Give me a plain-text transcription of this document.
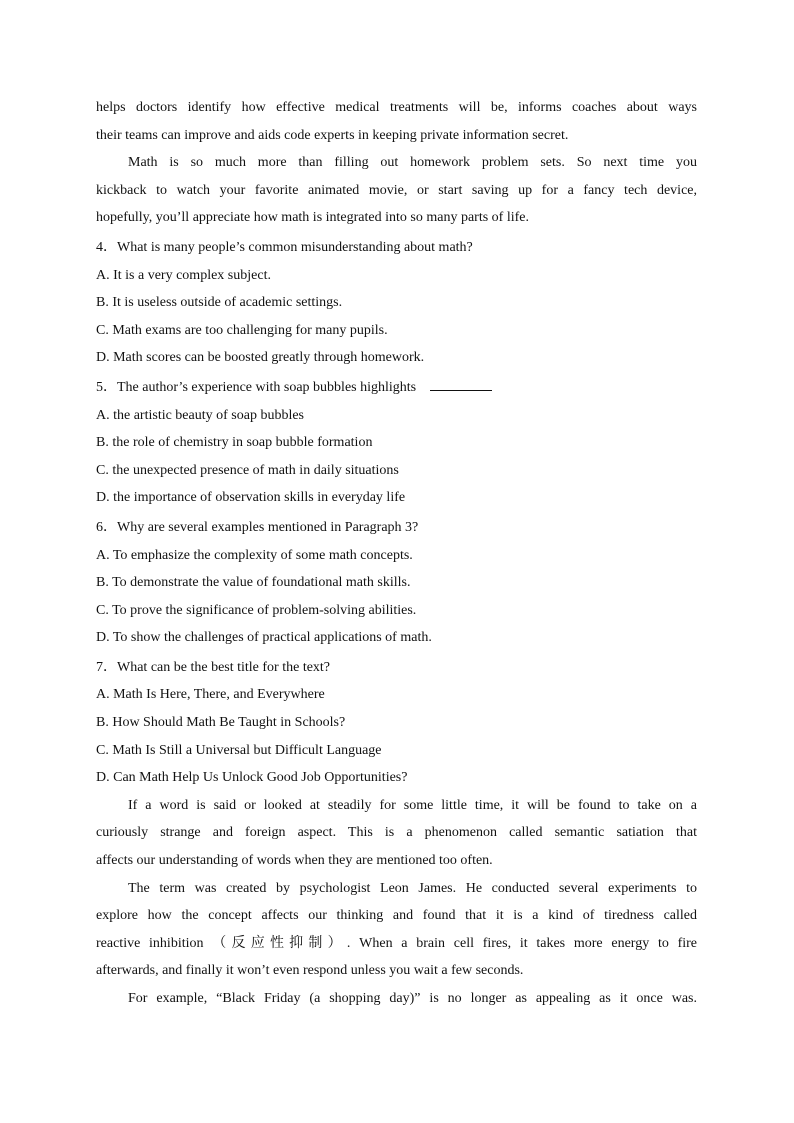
helps doctors identify how effective medical treatments will be, informs coaches about ways
their teams can improve and aids code experts in keeping private information secret.
Math is so much more than filling out homework problem sets. So next time you
kickback to watch your favorite animated movie, or start saving up for a fancy tech device,
hopefully, you’ll appreciate how math is integrated into so many parts of life.
4．What is many people’s common misunderstanding about math?
A. It is a very complex subject.
B. It is useless outside of academic settings.
C. Math exams are too challenging for many pupils.
D. Math scores can be boosted greatly through homework.
5．The author’s experience with soap bubbles highlights
A. the artistic beauty of soap bubbles
B. the role of chemistry in soap bubble formation
C. the unexpected presence of math in daily situations
D. the importance of observation skills in everyday life
6．Why are several examples mentioned in Paragraph 3?
A. To emphasize the complexity of some math concepts.
B. To demonstrate the value of foundational math skills.
C. To prove the significance of problem-solving abilities.
D. To show the challenges of practical applications of math.
7．What can be the best title for the text?
A. Math Is Here, There, and Everywhere
B. How Should Math Be Taught in Schools?
C. Math Is Still a Universal but Difficult Language
D. Can Math Help Us Unlock Good Job Opportunities?
If a word is said or looked at steadily for some little time, it will be found to take on a
curiously strange and foreign aspect. This is a phenomenon called semantic satiation that
affects our understanding of words when they are mentioned too often.
The term was created by psychologist Leon James. He conducted several experiments to
explore how the concept affects our thinking and found that it is a kind of tiredness called
reactive inhibition （反应性抑制）. When a brain cell fires, it takes more energy to fire
afterwards, and finally it won’t even respond unless you wait a few seconds.
For example, “Black Friday (a shopping day)” is no longer as appealing as it once was.
